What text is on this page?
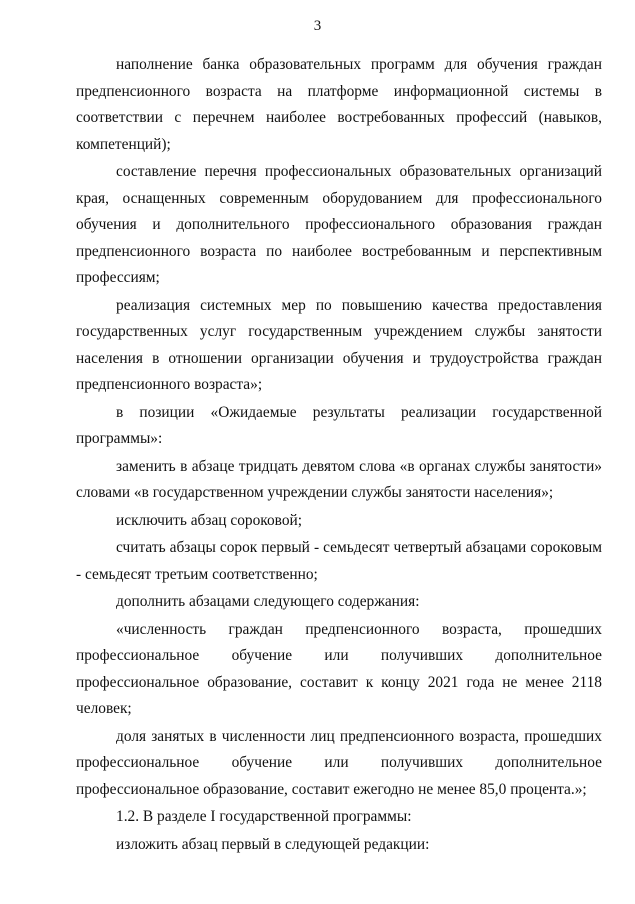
3

наполнение банка образовательных программ для обучения граждан предпенсионного возраста на платформе информационной системы в соответствии с перечнем наиболее востребованных профессий (навыков, компетенций);

составление перечня профессиональных образовательных организаций края, оснащенных современным оборудованием для профессионального обучения и дополнительного профессионального образования граждан предпенсионного возраста по наиболее востребованным и перспективным профессиям;

реализация системных мер по повышению качества предоставления государственных услуг государственным учреждением службы занятости населения в отношении организации обучения и трудоустройства граждан предпенсионного возраста»;

в позиции «Ожидаемые результаты реализации государственной программы»:

заменить в абзаце тридцать девятом слова «в органах службы занятости» словами «в государственном учреждении службы занятости населения»;

исключить абзац сороковой;

считать абзацы сорок первый - семьдесят четвертый абзацами сороковым - семьдесят третьим соответственно;

дополнить абзацами следующего содержания:

«численность граждан предпенсионного возраста, прошедших профессиональное обучение или получивших дополнительное профессиональное образование, составит к концу 2021 года не менее 2118 человек;

доля занятых в численности лиц предпенсионного возраста, прошедших профессиональное обучение или получивших дополнительное профессиональное образование, составит ежегодно не менее 85,0 процента.»;

1.2. В разделе I государственной программы:

изложить абзац первый в следующей редакции:
